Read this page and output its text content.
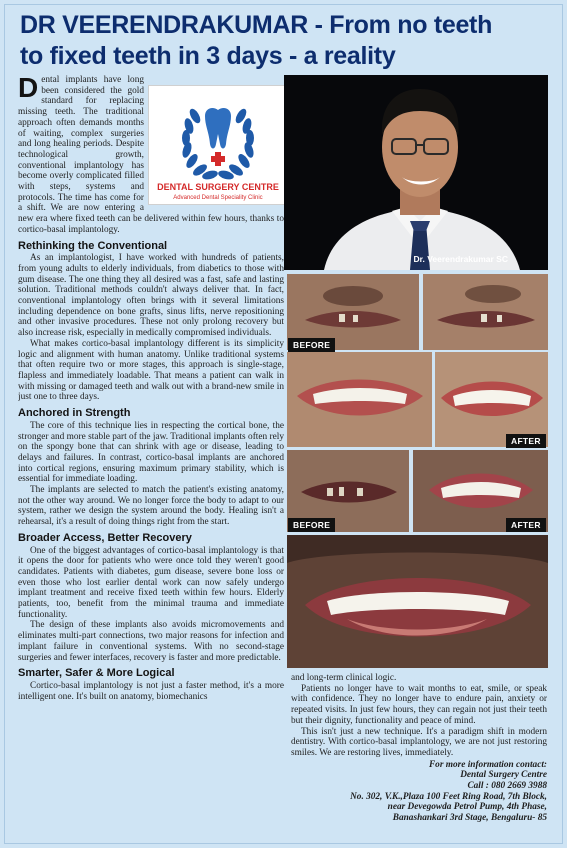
DR VEERENDRAKUMAR - From no teeth
to fixed teeth in 3 days - a reality
DENTAL SURGERY CENTRE
Advanced Dental Speciality Clinic
D ental implants have long been considered the gold standard for replacing missing teeth. The traditional approach often demands months of waiting, complex surgeries and long healing periods. Despite technological growth, conventional implantology has become overly complicated filled with steps, systems and protocols. The time has come for a shift. We are now entering a new era where fixed teeth can be delivered within few hours, thanks to cortico-basal implantology.

Rethinking the Conventional

As an implantologist, I have worked with hundreds of patients, from young adults to elderly individuals, from diabetics to those with gum disease. The one thing they all desired was a fast, safe and lasting solution. Traditional methods couldn't always deliver that. In fact, conventional implantology often brings with it several limitations including dependence on bone grafts, sinus lifts, nerve repositioning and other invasive procedures. These not only prolong recovery but also increase risk, especially in medically compromised individuals.

What makes cortico-basal implantology different is its simplicity logic and alignment with human anatomy. Unlike traditional systems that often require two or more stages, this approach is single-stage, flapless and immediately loadable. That means a patient can walk in with missing or damaged teeth and walk out with a brand-new smile in just one to three days.

Anchored in Strength

The core of this technique lies in respecting the cortical bone, the stronger and more stable part of the jaw. Traditional implants often rely on the spongy bone that can shrink with age or disease, leading to delays and failures. In contrast, cortico-basal implants are anchored into cortical regions, ensuring maximum primary stability, which is essential for immediate loading.

The implants are selected to match the patient's existing anatomy, not the other way around. We no longer force the body to adapt to our system, rather we design the system around the body. Healing isn't a rehearsal, it's a result of doing things right from the start.

Broader Access, Better Recovery

One of the biggest advantages of cortico-basal implantology is that it opens the door for patients who were once told they weren't good candidates. Patients with diabetes, gum disease, severe bone loss or even those who lost earlier dental work can now safely undergo implant treatment and receive fixed teeth within few hours. Elderly patients, too, benefit from the minimal trauma and immediate functionality.

The design of these implants also avoids micromovements and eliminates multi-part connections, two major reasons for infection and implant failure in conventional systems. With no second-stage surgeries and fewer interfaces, recovery is faster and more predictable.

Smarter, Safer & More Logical

Cortico-basal implantology is not just a faster method, it's a more intelligent one. It's built on anatomy, biomechanics

Dr. Veerendrakumar SC
BEFORE
AFTER
BEFORE	AFTER

and long-term clinical logic.

Patients no longer have to wait months to eat, smile, or speak with confidence. They no longer have to endure pain, anxiety or repeated visits. In just few hours, they can regain not just their teeth but their dignity, functionality and peace of mind.

This isn't just a new technique. It's a paradigm shift in modern dentistry. With cortico-basal implantology, we are not just restoring smiles. We are restoring lives, immediately.

For more information contact:
Dental Surgery Centre
Call : 080 2669 3988
No. 302, V.K.,Plaza 100 Feet Ring Road, 7th Block,
near Devegowda Petrol Pump, 4th Phase,
Banashankari 3rd Stage, Bengaluru- 85
